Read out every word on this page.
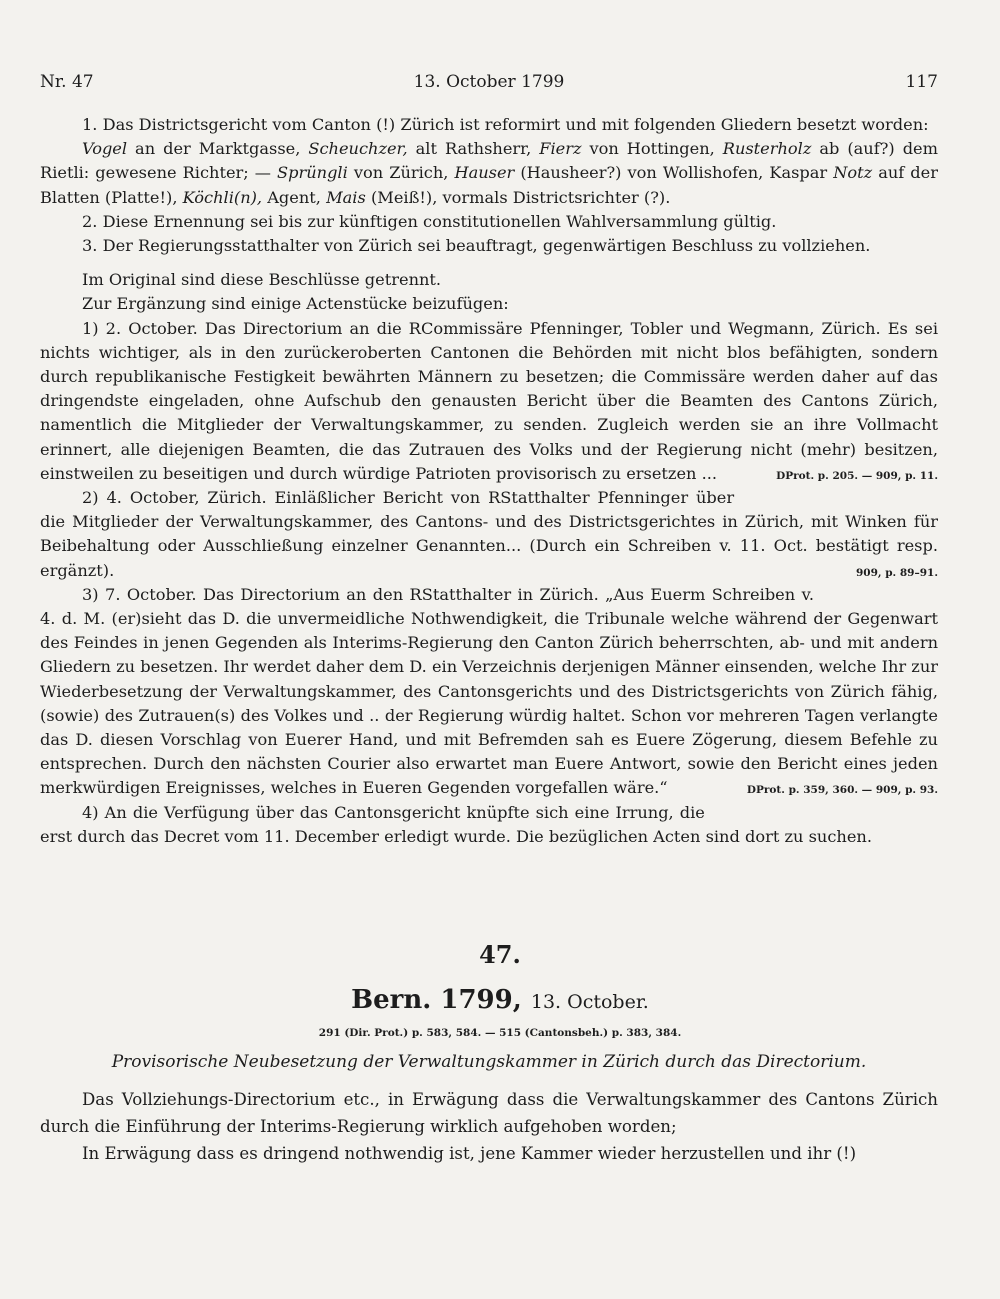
Nr. 47	13. October 1799	117

1. Das Districtsgericht vom Canton (!) Zürich ist reformirt und mit folgenden Gliedern besetzt worden:

Vogel an der Marktgasse, Scheuchzer, alt Rathsherr, Fierz von Hottingen, Rusterholz ab (auf?) dem Rietli: gewesene Richter; — Sprüngli von Zürich, Hauser (Hausheer?) von Wollishofen, Kaspar Notz auf der Blatten (Platte!), Köchli(n), Agent, Mais (Meiß!), vormals Districtsrichter (?).

2. Diese Ernennung sei bis zur künftigen constitutionellen Wahlversammlung gültig.

3. Der Regierungsstatthalter von Zürich sei beauftragt, gegenwärtigen Beschluss zu vollziehen.

Im Original sind diese Beschlüsse getrennt.

Zur Ergänzung sind einige Actenstücke beizufügen:

1) 2. October. Das Directorium an die RCommissäre Pfenninger, Tobler und Wegmann, Zürich. Es sei nichts wichtiger, als in den zurückeroberten Cantonen die Behörden mit nicht blos befähigten, sondern durch republikanische Festigkeit bewährten Männern zu besetzen; die Commissäre werden daher auf das dringendste eingeladen, ohne Aufschub den genausten Bericht über die Beamten des Cantons Zürich, namentlich die Mitglieder der Verwaltungskammer, zu senden. Zugleich werden sie an ihre Vollmacht erinnert, alle diejenigen Beamten, die das Zutrauen des Volks und der Regierung nicht (mehr) besitzen, einstweilen zu beseitigen und durch würdige Patrioten provisorisch zu ersetzen ...	DProt. p. 205. — 909, p. 11.

2) 4. October, Zürich. Einläßlicher Bericht von RStatthalter Pfenninger über die Mitglieder der Verwaltungskammer, des Cantons- und des Districtsgerichtes in Zürich, mit Winken für Beibehaltung oder Ausschließung einzelner Genannten... (Durch ein Schreiben v. 11. Oct. bestätigt resp. ergänzt).	909, p. 89–91.

3) 7. October. Das Directorium an den RStatthalter in Zürich. „Aus Euerm Schreiben v. 4. d. M. (er)sieht das D. die unvermeidliche Nothwendigkeit, die Tribunale welche während der Gegenwart des Feindes in jenen Gegenden als Interims-Regierung den Canton Zürich beherrschten, ab- und mit andern Gliedern zu besetzen. Ihr werdet daher dem D. ein Verzeichnis derjenigen Männer einsenden, welche Ihr zur Wiederbesetzung der Verwaltungskammer, des Cantonsgerichts und des Districtsgerichts von Zürich fähig, (sowie) des Zutrauen(s) des Volkes und .. der Regierung würdig haltet. Schon vor mehreren Tagen verlangte das D. diesen Vorschlag von Euerer Hand, und mit Befremden sah es Euere Zögerung, diesem Befehle zu entsprechen. Durch den nächsten Courier also erwartet man Euere Antwort, sowie den Bericht eines jeden merkwürdigen Ereignisses, welches in Eueren Gegenden vorgefallen wäre.“	DProt. p. 359, 360. — 909, p. 93.

4) An die Verfügung über das Cantonsgericht knüpfte sich eine Irrung, die erst durch das Decret vom 11. December erledigt wurde. Die bezüglichen Acten sind dort zu suchen.

47.
Bern. 1799, 13. October.
291 (Dir. Prot.) p. 583, 584. — 515 (Cantonsbeh.) p. 383, 384.
Provisorische Neubesetzung der Verwaltungskammer in Zürich durch das Directorium.

Das Vollziehungs-Directorium etc., in Erwägung dass die Verwaltungskammer des Cantons Zürich durch die Einführung der Interims-Regierung wirklich aufgehoben worden;

In Erwägung dass es dringend nothwendig ist, jene Kammer wieder herzustellen und ihr (!)
